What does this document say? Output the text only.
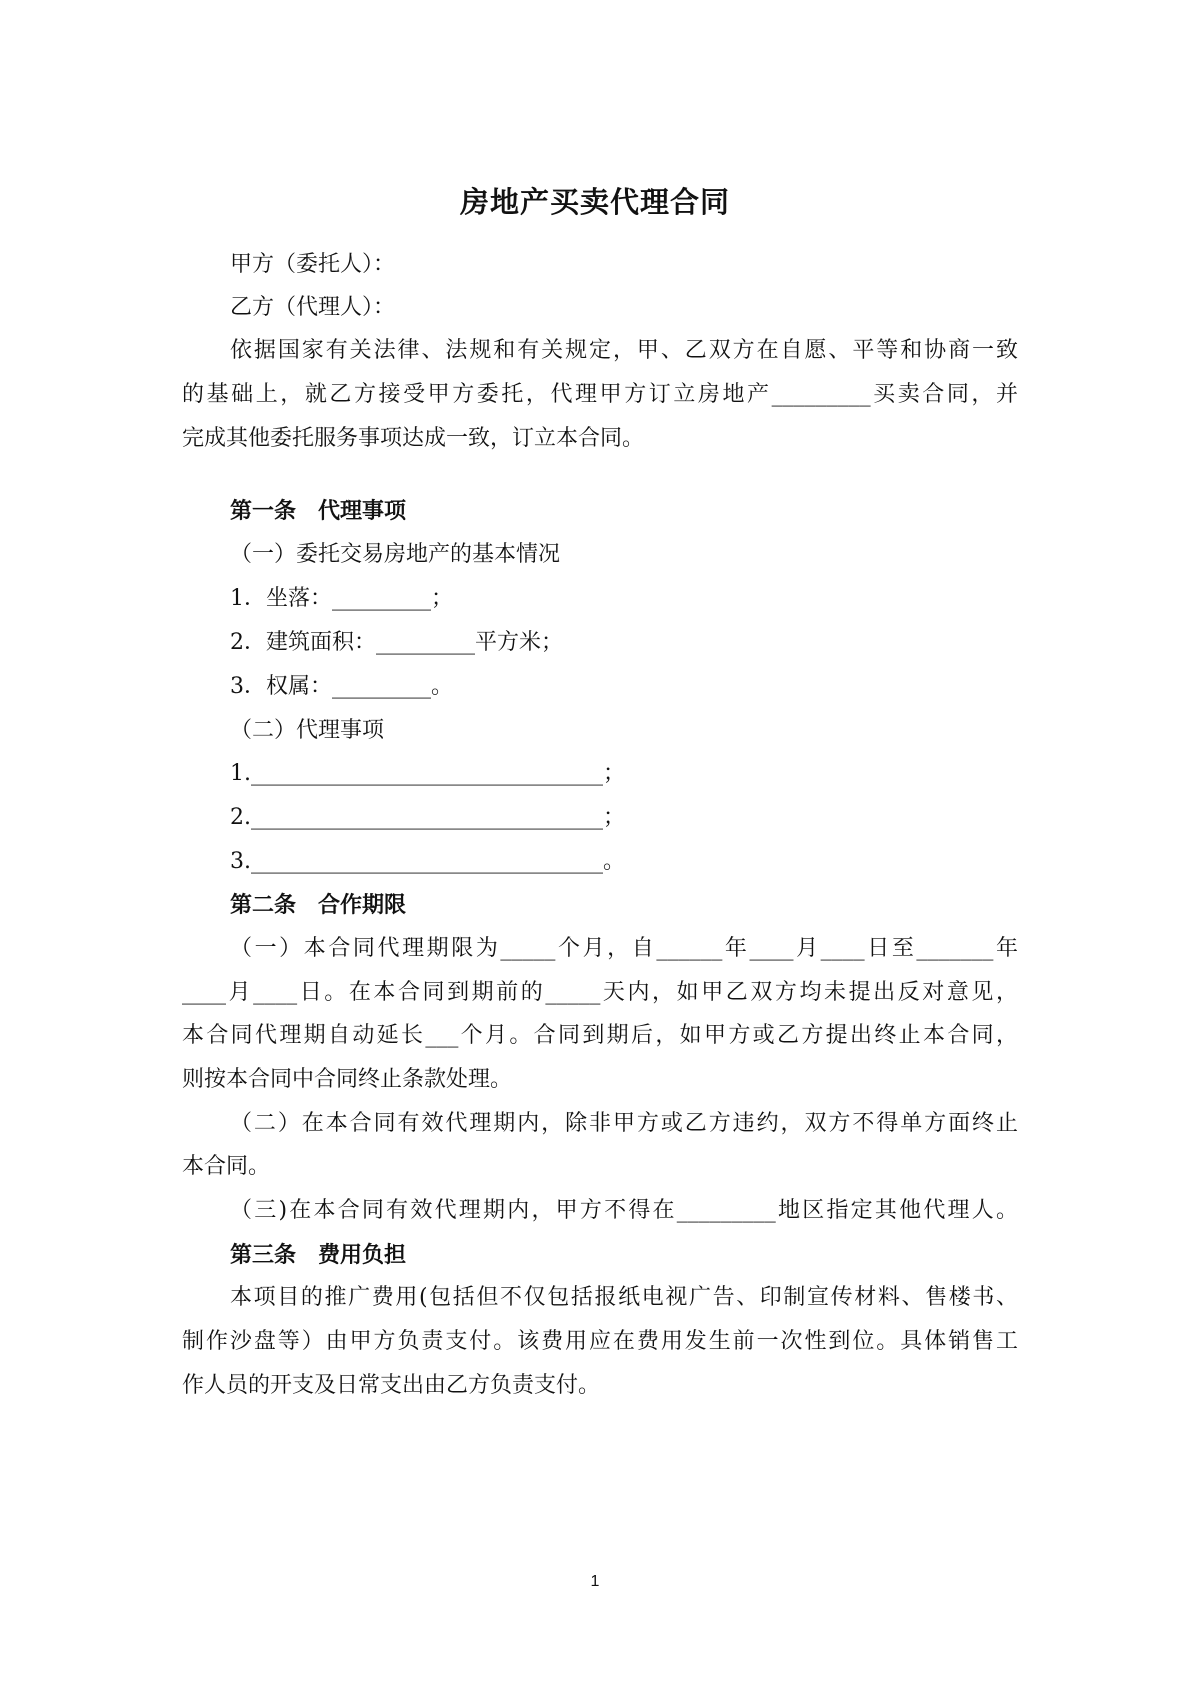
房地产买卖代理合同
甲方（委托人）：
乙方（代理人）：
依据国家有关法律、法规和有关规定，甲、乙双方在自愿、平等和协商一致
的基础上，就乙方接受甲方委托，代理甲方订立房地产_________买卖合同，并
完成其他委托服务事项达成一致，订立本合同。
第一条　代理事项
（一）委托交易房地产的基本情况
1．坐落：_________；
2．建筑面积：_________平方米；
3．权属：_________。
（二）代理事项
1.________________________________；
2.________________________________；
3.________________________________。
第二条　合作期限
（一）本合同代理期限为_____个月，自______年____月____日至_______年
____月____日。在本合同到期前的_____天内，如甲乙双方均未提出反对意见，
本合同代理期自动延长___个月。合同到期后，如甲方或乙方提出终止本合同，
则按本合同中合同终止条款处理。
（二）在本合同有效代理期内，除非甲方或乙方违约，双方不得单方面终止
本合同。
（三)在本合同有效代理期内，甲方不得在_________地区指定其他代理人。
第三条　费用负担
本项目的推广费用(包括但不仅包括报纸电视广告、印制宣传材料、售楼书、
制作沙盘等）由甲方负责支付。该费用应在费用发生前一次性到位。具体销售工
作人员的开支及日常支出由乙方负责支付。
1
